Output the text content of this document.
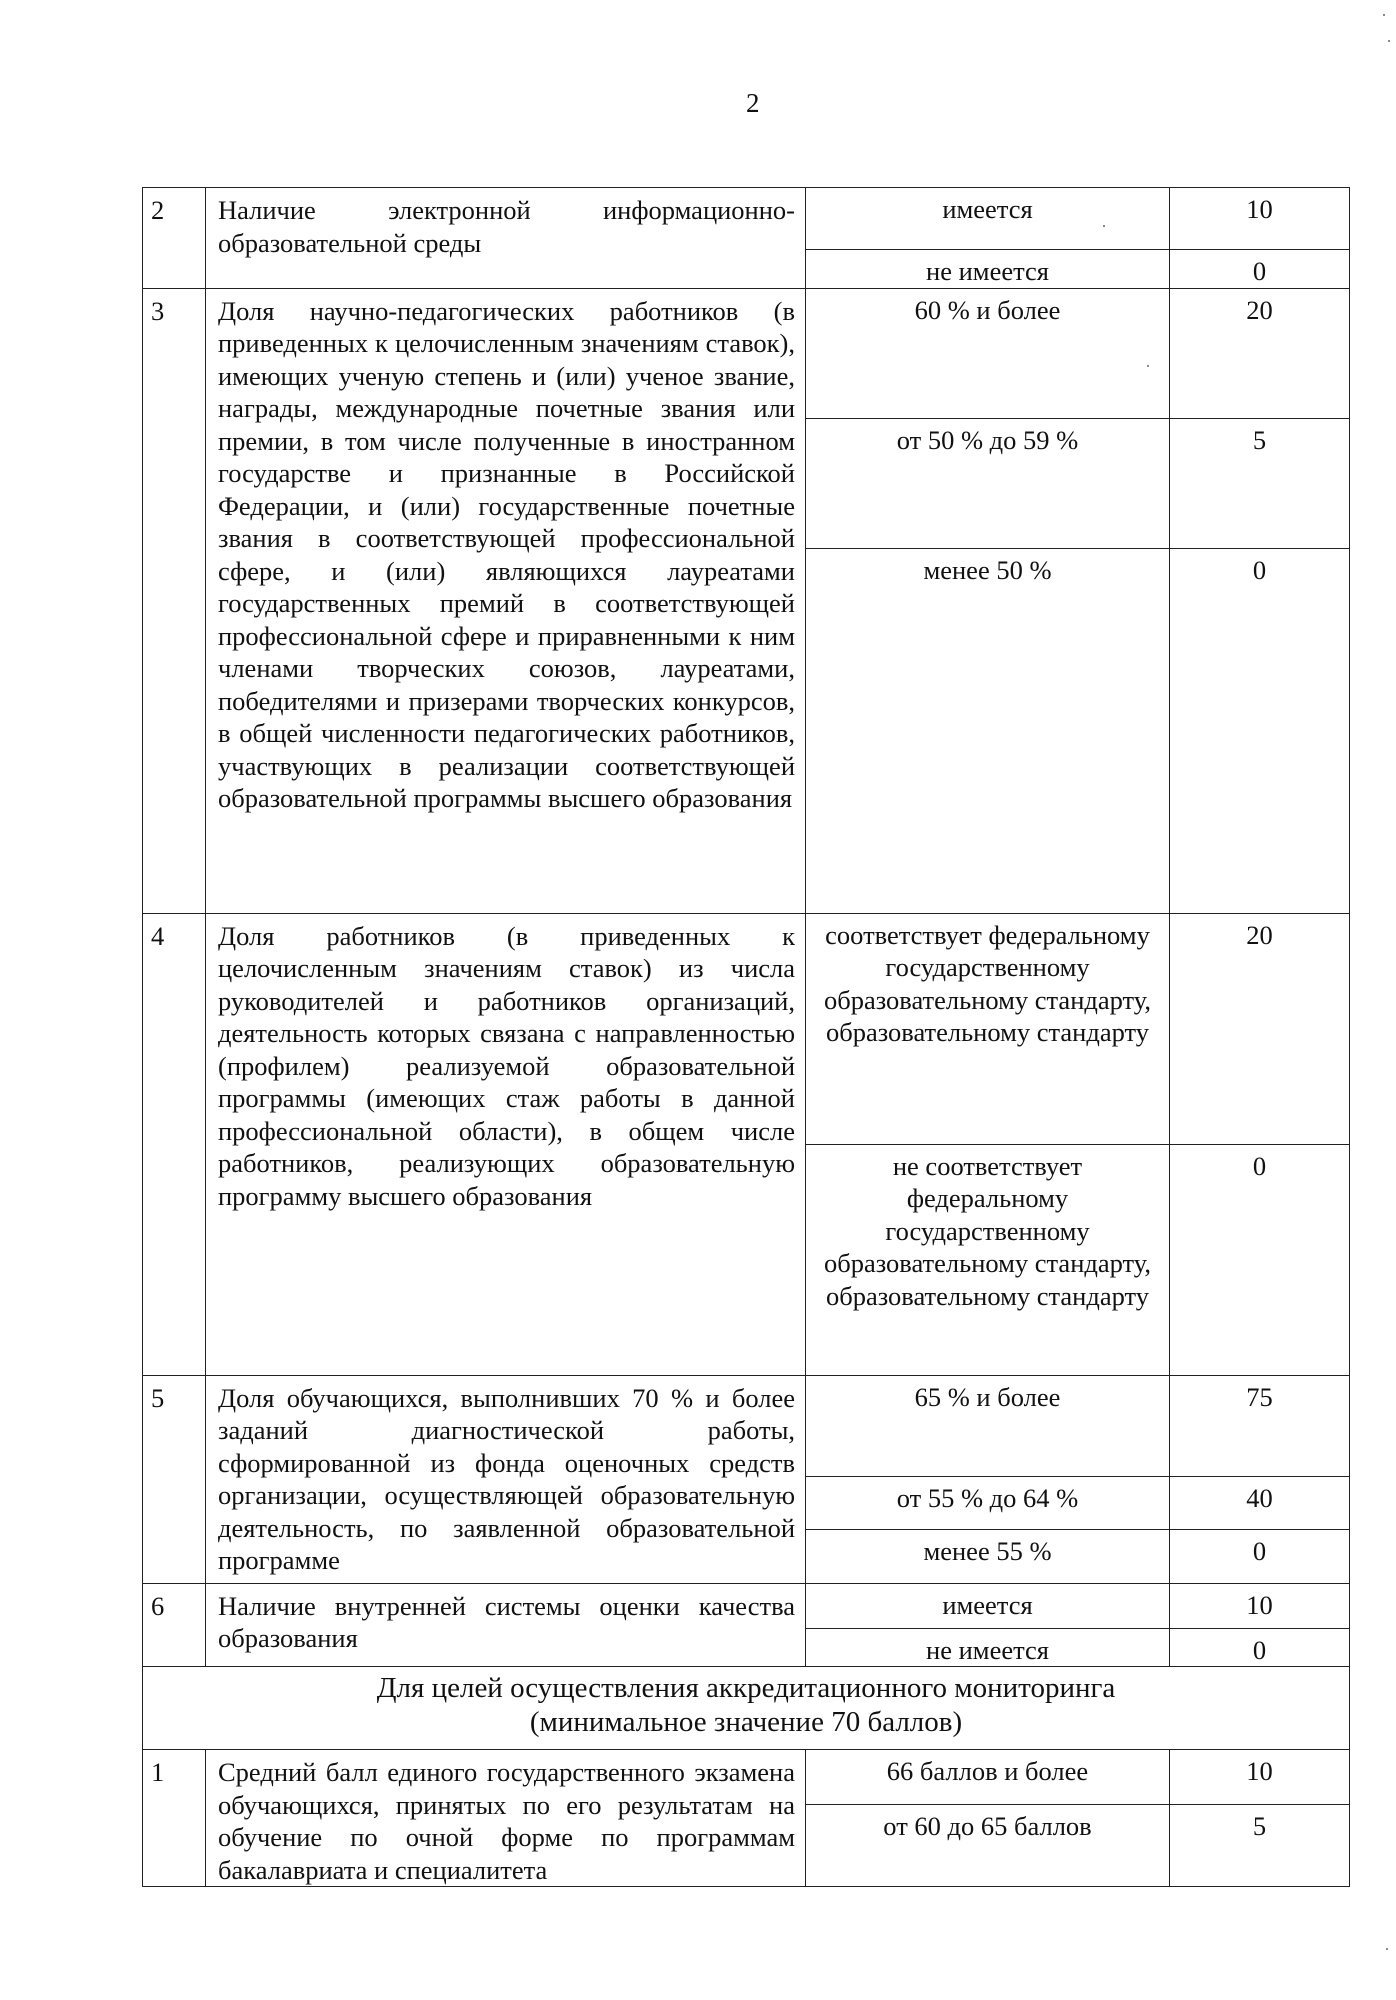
2
2	Наличие электронной информационно-образовательной среды	имеется	10
		не имеется	0
3	Доля научно-педагогических работников (в приведенных к целочисленным значениям ставок), имеющих ученую степень и (или) ученое звание, награды, международные почетные звания или премии, в том числе полученные в иностранном государстве и признанные в Российской Федерации, и (или) государственные почетные звания в соответствующей профессиональной сфере, и (или) являющихся лауреатами государственных премий в соответствующей профессиональной сфере и приравненными к ним членами творческих союзов, лауреатами, победителями и призерами творческих конкурсов, в общей численности педагогических работников, участвующих в реализации соответствующей образовательной программы высшего образования	60 % и более	20
		от 50 % до 59 %	5
		менее 50 %	0
4	Доля работников (в приведенных к целочисленным значениям ставок) из числа руководителей и работников организаций, деятельность которых связана с направленностью (профилем) реализуемой образовательной программы (имеющих стаж работы в данной профессиональной области), в общем числе работников, реализующих образовательную программу высшего образования	соответствует федеральному государственному образовательному стандарту, образовательному стандарту	20
		не соответствует федеральному государственному образовательному стандарту, образовательному стандарту	0
5	Доля обучающихся, выполнивших 70 % и более заданий диагностической работы, сформированной из фонда оценочных средств организации, осуществляющей образовательную деятельность, по заявленной образовательной программе	65 % и более	75
		от 55 % до 64 %	40
		менее 55 %	0
6	Наличие внутренней системы оценки качества образования	имеется	10
		не имеется	0

Для целей осуществления аккредитационного мониторинга
(минимальное значение 70 баллов)			

1	Средний балл единого государственного экзамена обучающихся, принятых по его результатам на обучение по очной форме по программам бакалавриата и специалитета	66 баллов и более	10
		от 60 до 65 баллов	5
